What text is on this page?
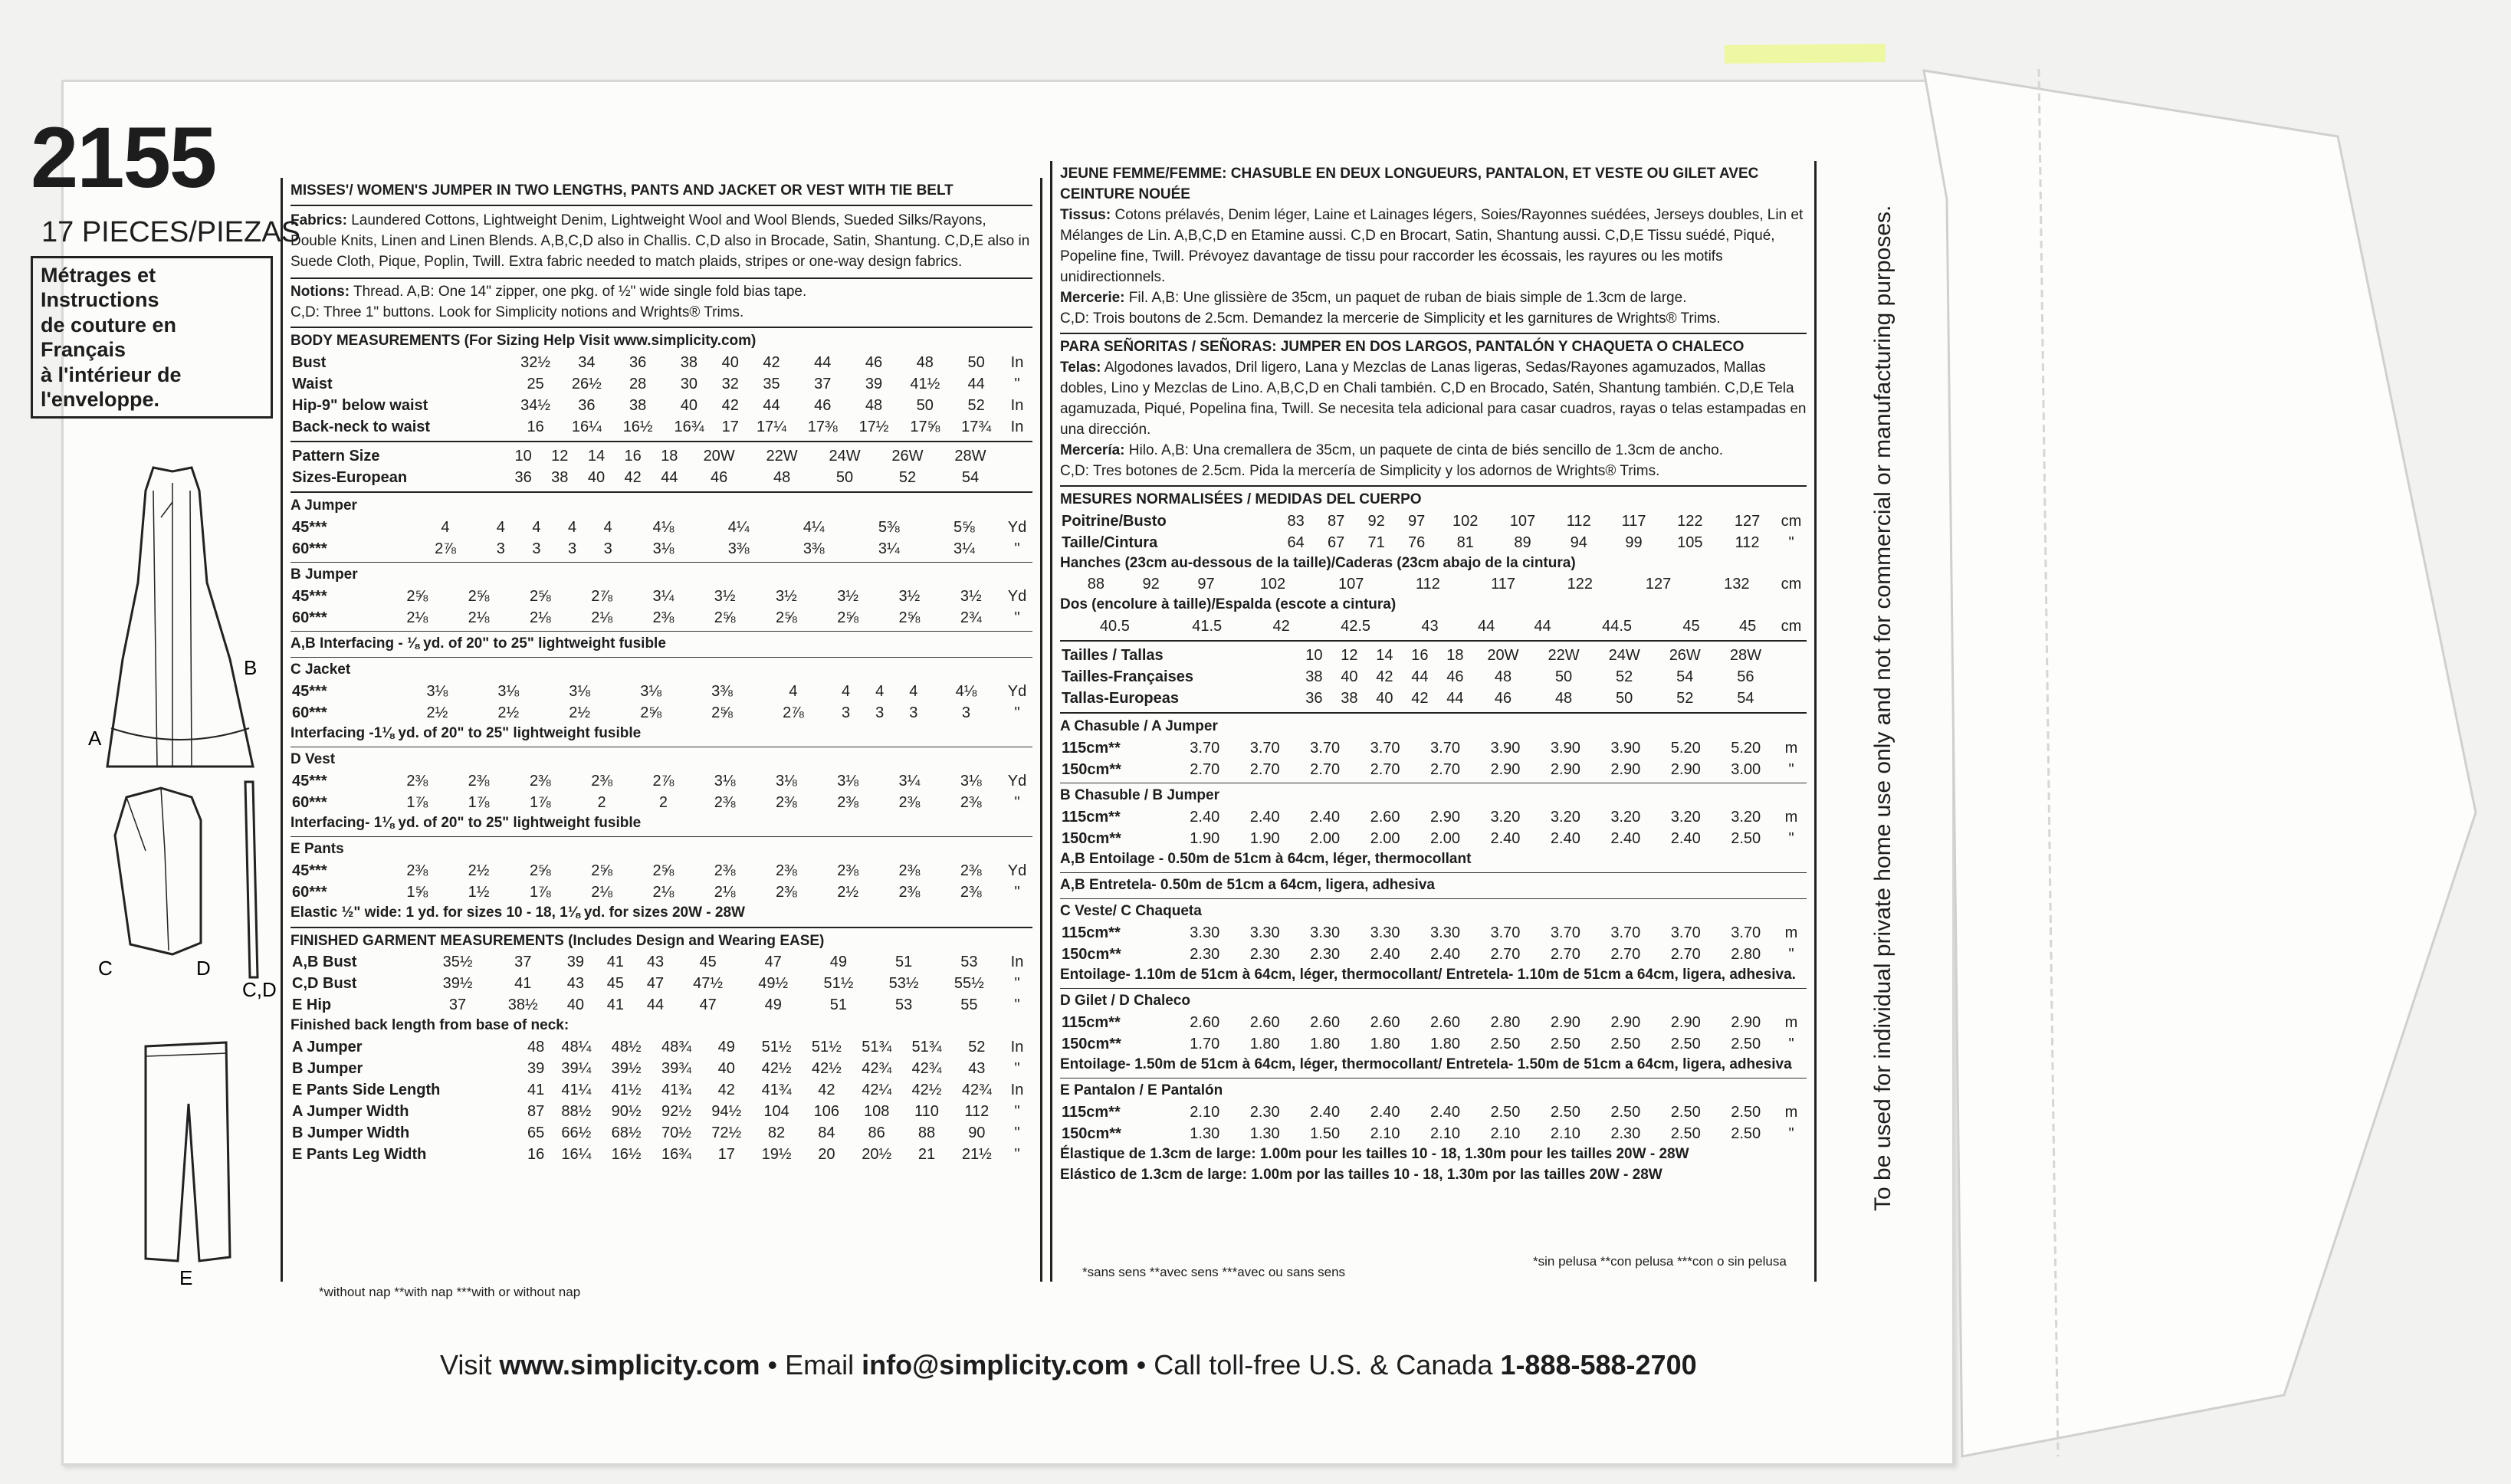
2155
17 PIECES/PIEZAS
Métrages et Instructions
de couture en Français
à l'intérieur de
l'enveloppe.
A
B
C	D
C,D
E
MISSES'/ WOMEN'S JUMPER IN TWO LENGTHS, PANTS AND JACKET OR VEST WITH TIE BELT
Fabrics: Laundered Cottons, Lightweight Denim, Lightweight Wool and Wool Blends, Sueded Silks/Rayons, Double Knits, Linen and Linen Blends. A,B,C,D also in Challis. C,D also in Brocade, Satin, Shantung. C,D,E also in Suede Cloth, Pique, Poplin, Twill. Extra fabric needed to match plaids, stripes or one-way design fabrics.
Notions: Thread. A,B: One 14" zipper, one pkg. of ½" wide single fold bias tape.
C,D: Three 1" buttons. Look for Simplicity notions and Wrights® Trims.
BODY MEASUREMENTS (For Sizing Help Visit www.simplicity.com)
Bust	32½	34	36	38	40	42	44	46	48	50	In
Waist	25	26½	28	30	32	35	37	39	41½	44	"
Hip-9" below waist	34½	36	38	40	42	44	46	48	50	52	In
Back-neck to waist	16	16¼	16½	16¾	17	17¼	17⅜	17½	17⅝	17¾	In
Pattern Size	10	12	14	16	18	20W	22W	24W	26W	28W	
Sizes-European	36	38	40	42	44	46	48	50	52	54	
A Jumper
45***	4	4	4	4	4	4⅛	4¼	4¼	5⅜	5⅝	Yd
60***	2⅞	3	3	3	3	3⅛	3⅜	3⅜	3¼	3¼	"
B Jumper
45***	2⅝	2⅝	2⅝	2⅞	3¼	3½	3½	3½	3½	3½	Yd
60***	2⅛	2⅛	2⅛	2⅛	2⅜	2⅝	2⅝	2⅝	2⅝	2¾	"
A,B Interfacing - ⅛ yd. of 20" to 25" lightweight fusible
C Jacket
45***	3⅛	3⅛	3⅛	3⅛	3⅜	4	4	4	4	4⅛	Yd
60***	2½	2½	2½	2⅝	2⅝	2⅞	3	3	3	3	"
Interfacing -1⅛ yd. of 20" to 25" lightweight fusible
D Vest
45***	2⅜	2⅜	2⅜	2⅜	2⅞	3⅛	3⅛	3⅛	3¼	3⅛	Yd
60***	1⅞	1⅞	1⅞	2	2	2⅜	2⅜	2⅜	2⅜	2⅜	"
Interfacing- 1⅛ yd. of 20" to 25" lightweight fusible
E Pants
45***	2⅜	2½	2⅝	2⅝	2⅝	2⅜	2⅜	2⅜	2⅜	2⅜	Yd
60***	1⅝	1½	1⅞	2⅛	2⅛	2⅛	2⅜	2½	2⅜	2⅜	"
Elastic ½" wide: 1 yd. for sizes 10 - 18, 1⅛ yd. for sizes 20W - 28W
FINISHED GARMENT MEASUREMENTS (Includes Design and Wearing EASE)
A,B Bust	35½	37	39	41	43	45	47	49	51	53	In
C,D Bust	39½	41	43	45	47	47½	49½	51½	53½	55½	"
E Hip	37	38½	40	41	44	47	49	51	53	55	"
Finished back length from base of neck:
A Jumper	48	48¼	48½	48¾	49	51½	51½	51¾	51¾	52	In
B Jumper	39	39¼	39½	39¾	40	42½	42½	42¾	42¾	43	"
E Pants Side Length	41	41¼	41½	41¾	42	41¾	42	42¼	42½	42¾	In
A Jumper Width	87	88½	90½	92½	94½	104	106	108	110	112	"
B Jumper Width	65	66½	68½	70½	72½	82	84	86	88	90	"
E Pants Leg Width	16	16¼	16½	16¾	17	19½	20	20½	21	21½	"
*without nap **with nap ***with or without nap
JEUNE FEMME/FEMME: CHASUBLE EN DEUX LONGUEURS, PANTALON, ET VESTE OU GILET AVEC CEINTURE NOUÉE
Tissus: Cotons prélavés, Denim léger, Laine et Lainages légers, Soies/Rayonnes suédées, Jerseys doubles, Lin et Mélanges de Lin. A,B,C,D en Etamine aussi. C,D en Brocart, Satin, Shantung aussi. C,D,E Tissu suédé, Piqué, Popeline fine, Twill. Prévoyez davantage de tissu pour raccorder les écossais, les rayures ou les motifs unidirectionnels.
Mercerie: Fil. A,B: Une glissière de 35cm, un paquet de ruban de biais simple de 1.3cm de large.
C,D: Trois boutons de 2.5cm. Demandez la mercerie de Simplicity et les garnitures de Wrights® Trims.
PARA SEÑORITAS / SEÑORAS: JUMPER EN DOS LARGOS, PANTALÓN Y CHAQUETA O CHALECO
Telas: Algodones lavados, Dril ligero, Lana y Mezclas de Lanas ligeras, Sedas/Rayones agamuzados, Mallas dobles, Lino y Mezclas de Lino. A,B,C,D en Chali también. C,D en Brocado, Satén, Shantung también. C,D,E Tela agamuzada, Piqué, Popelina fina, Twill. Se necesita tela adicional para casar cuadros, rayas o telas estampadas en una dirección.
Mercería: Hilo. A,B: Una cremallera de 35cm, un paquete de cinta de biés sencillo de 1.3cm de ancho.
C,D: Tres botones de 2.5cm. Pida la mercería de Simplicity y los adornos de Wrights® Trims.
MESURES NORMALISÉES / MEDIDAS DEL CUERPO
Poitrine/Busto	83	87	92	97	102	107	112	117	122	127	cm
Taille/Cintura	64	67	71	76	81	89	94	99	105	112	"
Hanches (23cm au-dessous de la taille)/Caderas (23cm abajo de la cintura)
	88	92	97	102	107	112	117	122	127	132	cm
Dos (encolure à taille)/Espalda (escote a cintura)
	40.5	41.5	42	42.5	43	44	44	44.5	45	45	cm
Tailles / Tallas	10	12	14	16	18	20W	22W	24W	26W	28W	
Tailles-Françaises	38	40	42	44	46	48	50	52	54	56	
Tallas-Europeas	36	38	40	42	44	46	48	50	52	54	
A Chasuble / A Jumper
115cm**	3.70	3.70	3.70	3.70	3.70	3.90	3.90	3.90	5.20	5.20	m
150cm**	2.70	2.70	2.70	2.70	2.70	2.90	2.90	2.90	2.90	3.00	"
B Chasuble / B Jumper
115cm**	2.40	2.40	2.40	2.60	2.90	3.20	3.20	3.20	3.20	3.20	m
150cm**	1.90	1.90	2.00	2.00	2.00	2.40	2.40	2.40	2.40	2.50	"
A,B Entoilage - 0.50m de 51cm à 64cm, léger, thermocollant
A,B Entretela- 0.50m de 51cm a 64cm, ligera, adhesiva
C Veste/ C Chaqueta
115cm**	3.30	3.30	3.30	3.30	3.30	3.70	3.70	3.70	3.70	3.70	m
150cm**	2.30	2.30	2.30	2.40	2.40	2.70	2.70	2.70	2.70	2.80	"
Entoilage- 1.10m de 51cm à 64cm, léger, thermocollant/ Entretela- 1.10m de 51cm a 64cm, ligera, adhesiva.
D Gilet / D Chaleco
115cm**	2.60	2.60	2.60	2.60	2.60	2.80	2.90	2.90	2.90	2.90	m
150cm**	1.70	1.80	1.80	1.80	1.80	2.50	2.50	2.50	2.50	2.50	"
Entoilage- 1.50m de 51cm à 64cm, léger, thermocollant/ Entretela- 1.50m de 51cm a 64cm, ligera, adhesiva
E Pantalon / E Pantalón
115cm**	2.10	2.30	2.40	2.40	2.40	2.50	2.50	2.50	2.50	2.50	m
150cm**	1.30	1.30	1.50	2.10	2.10	2.10	2.10	2.30	2.50	2.50	"
Élastique de 1.3cm de large: 1.00m pour les tailles 10 - 18, 1.30m pour les tailles 20W - 28W
Elástico de 1.3cm de large: 1.00m por las tailles 10 - 18, 1.30m por las tailles 20W - 28W
*sans sens **avec sens ***avec ou sans sens
*sin pelusa **con pelusa ***con o sin pelusa
Visit www.simplicity.com • Email info@simplicity.com • Call toll-free U.S. & Canada 1-888-588-2700
To be used for individual private home use only and not for commercial or manufacturing purposes.
